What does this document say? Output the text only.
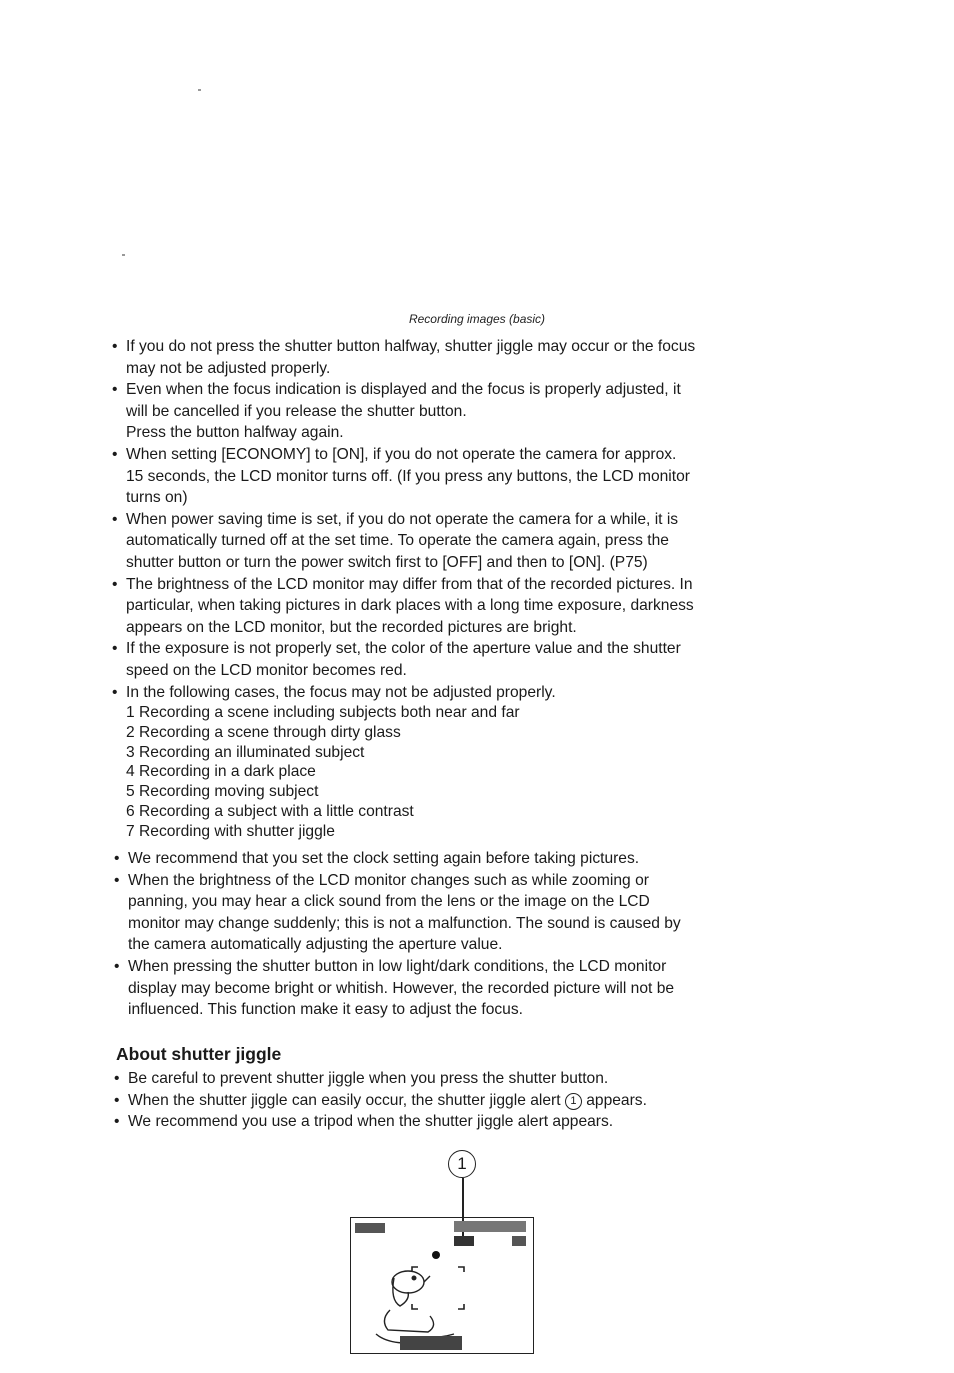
Recording images (basic)
• If you do not press the shutter button halfway, shutter jiggle may occur or the focus
may not be adjusted properly.
• Even when the focus indication is displayed and the focus is properly adjusted, it
will be cancelled if you release the shutter button.
Press the button halfway again.
• When setting [ECONOMY] to [ON], if you do not operate the camera for approx.
15 seconds, the LCD monitor turns off. (If you press any buttons, the LCD monitor
turns on)
• When power saving time is set, if you do not operate the camera for a while, it is
automatically turned off at the set time. To operate the camera again, press the
shutter button or turn the power switch first to [OFF] and then to [ON]. (P75)
• The brightness of the LCD monitor may differ from that of the recorded pictures. In
particular, when taking pictures in dark places with a long time exposure, darkness
appears on the LCD monitor, but the recorded pictures are bright.
• If the exposure is not properly set, the color of the aperture value and the shutter
speed on the LCD monitor becomes red.
• In the following cases, the focus may not be adjusted properly.
1 Recording a scene including subjects both near and far
2 Recording a scene through dirty glass
3 Recording an illuminated subject
4 Recording in a dark place
5 Recording moving subject
6 Recording a subject with a little contrast
7 Recording with shutter jiggle
• We recommend that you set the clock setting again before taking pictures.
• When the brightness of the LCD monitor changes such as while zooming or
panning, you may hear a click sound from the lens or the image on the LCD
monitor may change suddenly; this is not a malfunction. The sound is caused by
the camera automatically adjusting the aperture value.
• When pressing the shutter button in low light/dark conditions, the LCD monitor
display may become bright or whitish. However, the recorded picture will not be
influenced. This function make it easy to adjust the focus.
About shutter jiggle
• Be careful to prevent shutter jiggle when you press the shutter button.
• When the shutter jiggle can easily occur, the shutter jiggle alert 1 appears.
• We recommend you use a tripod when the shutter jiggle alert appears.
1
